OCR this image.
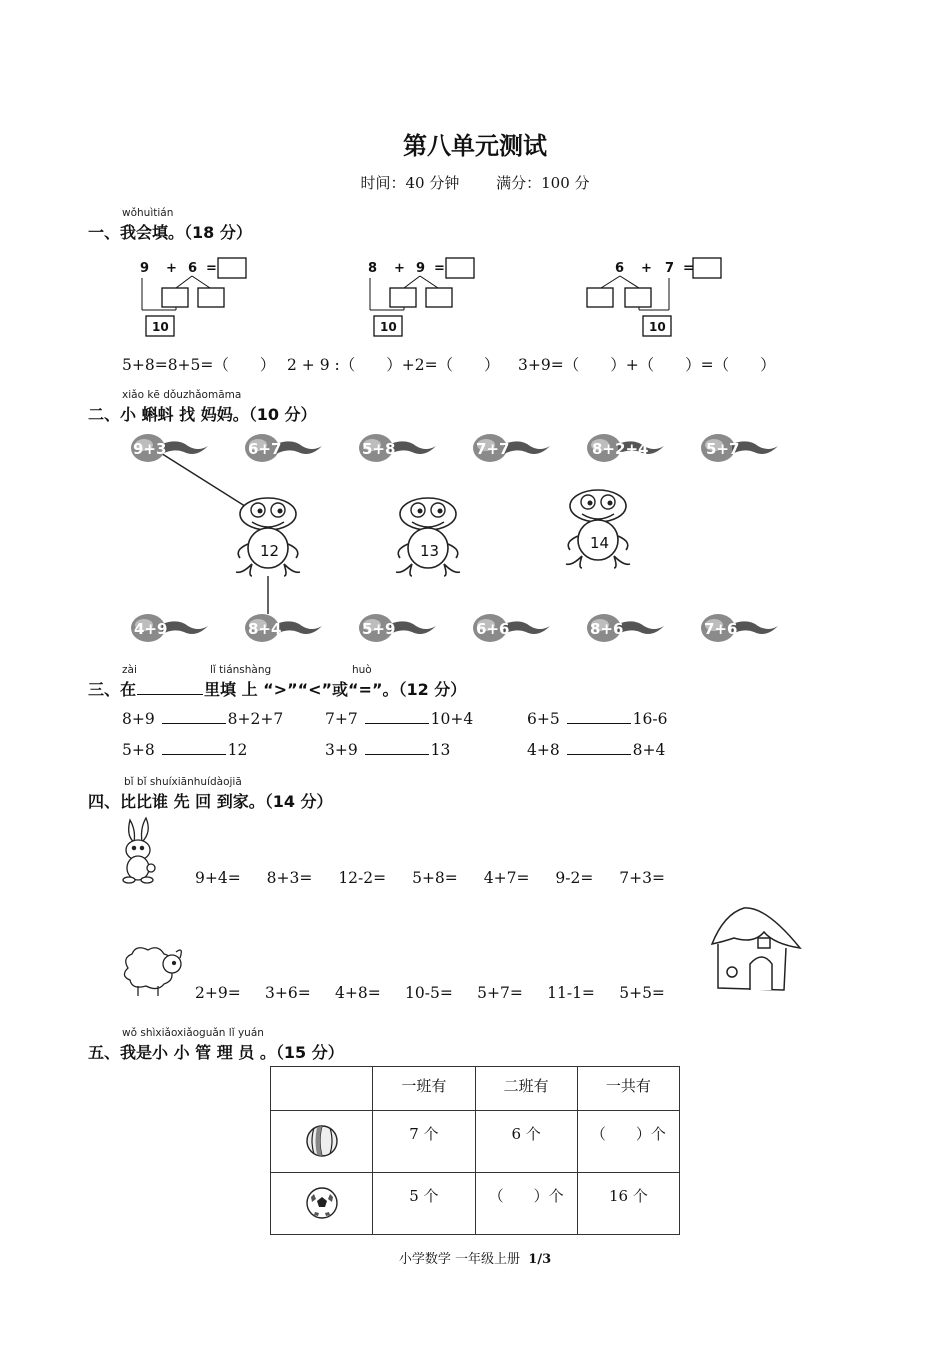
第八单元测试
时间：40 分钟 满分：100 分
wǒhuìtián
一、我会填。（18 分）
9 + 6 =
10
8 + 9 =
10
6 + 7 =
10
5+8=8+5=（　　） 2 + 9 :（　　）+2=（　　） 3+9=（　　）+（　　）=（　　）
xiǎo kē dǒuzhǎomāma
二、小 蝌蚪 找 妈妈。（10 分）
9+3	6+7	5+8	7+7	8+2+4	5+7
12	13	14
4+9	8+4	5+9	6+6	8+6	7+6
zài	lǐ tiánshàng	huò
三、在	里填 上 “>”“<”或“=”。（12 分）
8+9	8+2+7	7+7	10+4	6+5	16-6
5+8	12	3+9	13	4+8	8+4
bǐ bǐ shuíxiānhuídàojiā
四、比比谁 先 回 到家。（14 分）
9+4= 8+3= 12-2= 5+8= 4+7= 9-2= 7+3=
2+9= 3+6= 4+8= 10-5= 5+7= 11-1= 5+5=
wǒ shìxiǎoxiǎoguǎn lǐ yuán
五、我是小 小 管 理 员 。（15 分）
	一班有	二班有	一共有
	7 个	6 个	（　　）个
	5 个	（　　）个	16 个
小学数学 一年级上册 1/3
